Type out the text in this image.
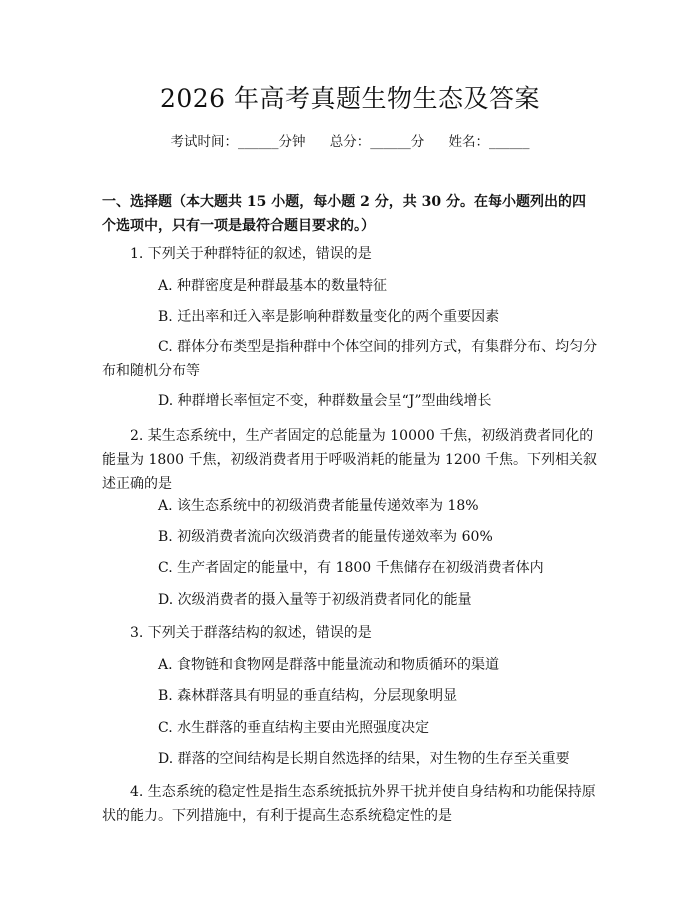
2026 年高考真题生物生态及答案
考试时间：______分钟 总分：______分 姓名：______
一、选择题（本大题共 15 小题，每小题 2 分，共 30 分。在每小题列出的四个选项中，只有一项是最符合题目要求的。）
1. 下列关于种群特征的叙述，错误的是
A. 种群密度是种群最基本的数量特征
B. 迁出率和迁入率是影响种群数量变化的两个重要因素
C. 群体分布类型是指种群中个体空间的排列方式，有集群分布、均匀分布和随机分布等
D. 种群增长率恒定不变，种群数量会呈“J”型曲线增长
2. 某生态系统中，生产者固定的总能量为 10000 千焦，初级消费者同化的能量为 1800 千焦，初级消费者用于呼吸消耗的能量为 1200 千焦。下列相关叙述正确的是
A. 该生态系统中的初级消费者能量传递效率为 18%
B. 初级消费者流向次级消费者的能量传递效率为 60%
C. 生产者固定的能量中，有 1800 千焦储存在初级消费者体内
D. 次级消费者的摄入量等于初级消费者同化的能量
3. 下列关于群落结构的叙述，错误的是
A. 食物链和食物网是群落中能量流动和物质循环的渠道
B. 森林群落具有明显的垂直结构，分层现象明显
C. 水生群落的垂直结构主要由光照强度决定
D. 群落的空间结构是长期自然选择的结果，对生物的生存至关重要
4. 生态系统的稳定性是指生态系统抵抗外界干扰并使自身结构和功能保持原状的能力。下列措施中，有利于提高生态系统稳定性的是
